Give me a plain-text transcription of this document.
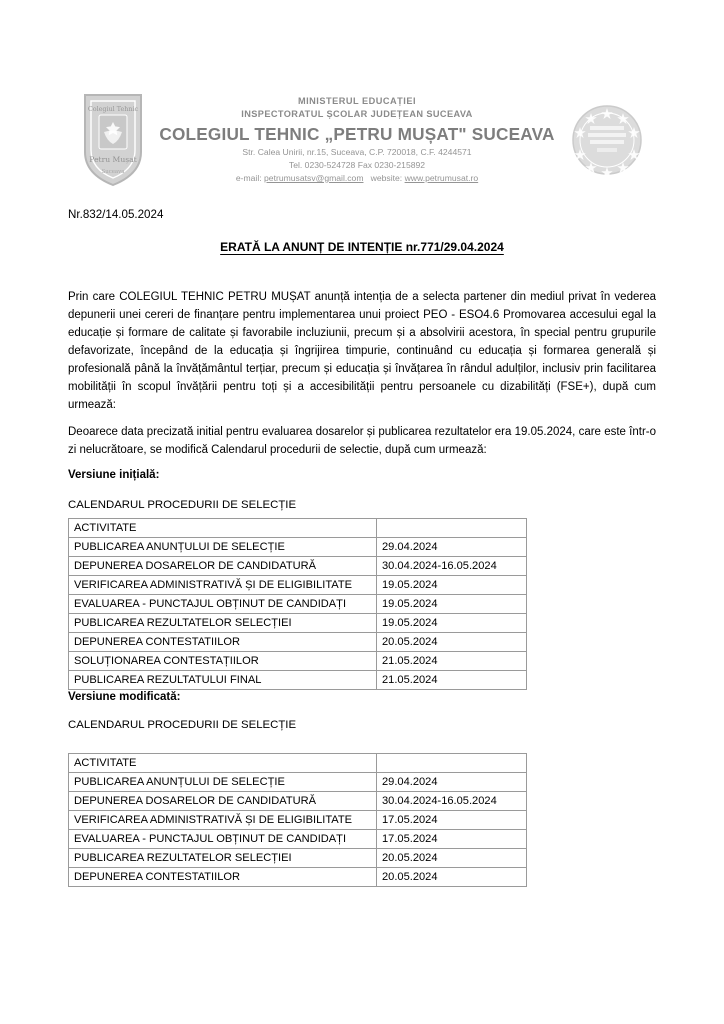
Colegiul Tehnic
Petru Mușat
Suceava
MINISTERUL EDUCAȚIEI
INSPECTORATUL ȘCOLAR JUDEȚEAN SUCEAVA
COLEGIUL TEHNIC „PETRU MUȘAT" SUCEAVA
Str. Calea Unirii, nr.15, Suceava, C.P. 720018, C.F. 4244571
Tel. 0230-524728 Fax 0230-215892
e-mail: petrumusatsv@gmail.com website: www.petrumusat.ro
Nr.832/14.05.2024
ERATĂ LA ANUNȚ DE INTENȚIE nr.771/29.04.2024
Prin care COLEGIUL TEHNIC PETRU MUȘAT anunță intenția de a selecta partener din mediul privat în vederea depunerii unei cereri de finanțare pentru implementarea unui proiect PEO - ESO4.6 Promovarea accesului egal la educație și formare de calitate și favorabile incluziunii, precum și a absolvirii acestora, în special pentru grupurile defavorizate, începând de la educația și îngrijirea timpurie, continuând cu educația și formarea generală și profesională până la învățământul terțiar, precum și educația și învățarea în rândul adulților, inclusiv prin facilitarea mobilității în scopul învățării pentru toți și a accesibilității pentru persoanele cu dizabilități (FSE+), după cum urmează:
Deoarece data precizată initial pentru evaluarea dosarelor și publicarea rezultatelor era 19.05.2024, care este într-o zi nelucrătoare, se modifică Calendarul procedurii de selectie, după cum urmează:
Versiune inițială:
CALENDARUL PROCEDURII DE SELECȚIE
ACTIVITATE	
PUBLICAREA ANUNȚULUI DE SELECȚIE	29.04.2024
DEPUNEREA DOSARELOR DE CANDIDATURĂ	30.04.2024-16.05.2024
VERIFICAREA ADMINISTRATIVĂ ȘI DE ELIGIBILITATE	19.05.2024
EVALUAREA - PUNCTAJUL OBȚINUT DE CANDIDAȚI	19.05.2024
PUBLICAREA REZULTATELOR SELECȚIEI	19.05.2024
DEPUNEREA CONTESTATIILOR	20.05.2024
SOLUȚIONAREA CONTESTAȚIILOR	21.05.2024
PUBLICAREA REZULTATULUI FINAL	21.05.2024
Versiune modificată:
CALENDARUL PROCEDURII DE SELECȚIE
ACTIVITATE	
PUBLICAREA ANUNȚULUI DE SELECȚIE	29.04.2024
DEPUNEREA DOSARELOR DE CANDIDATURĂ	30.04.2024-16.05.2024
VERIFICAREA ADMINISTRATIVĂ ȘI DE ELIGIBILITATE	17.05.2024
EVALUAREA - PUNCTAJUL OBȚINUT DE CANDIDAȚI	17.05.2024
PUBLICAREA REZULTATELOR SELECȚIEI	20.05.2024
DEPUNEREA CONTESTATIILOR	20.05.2024
